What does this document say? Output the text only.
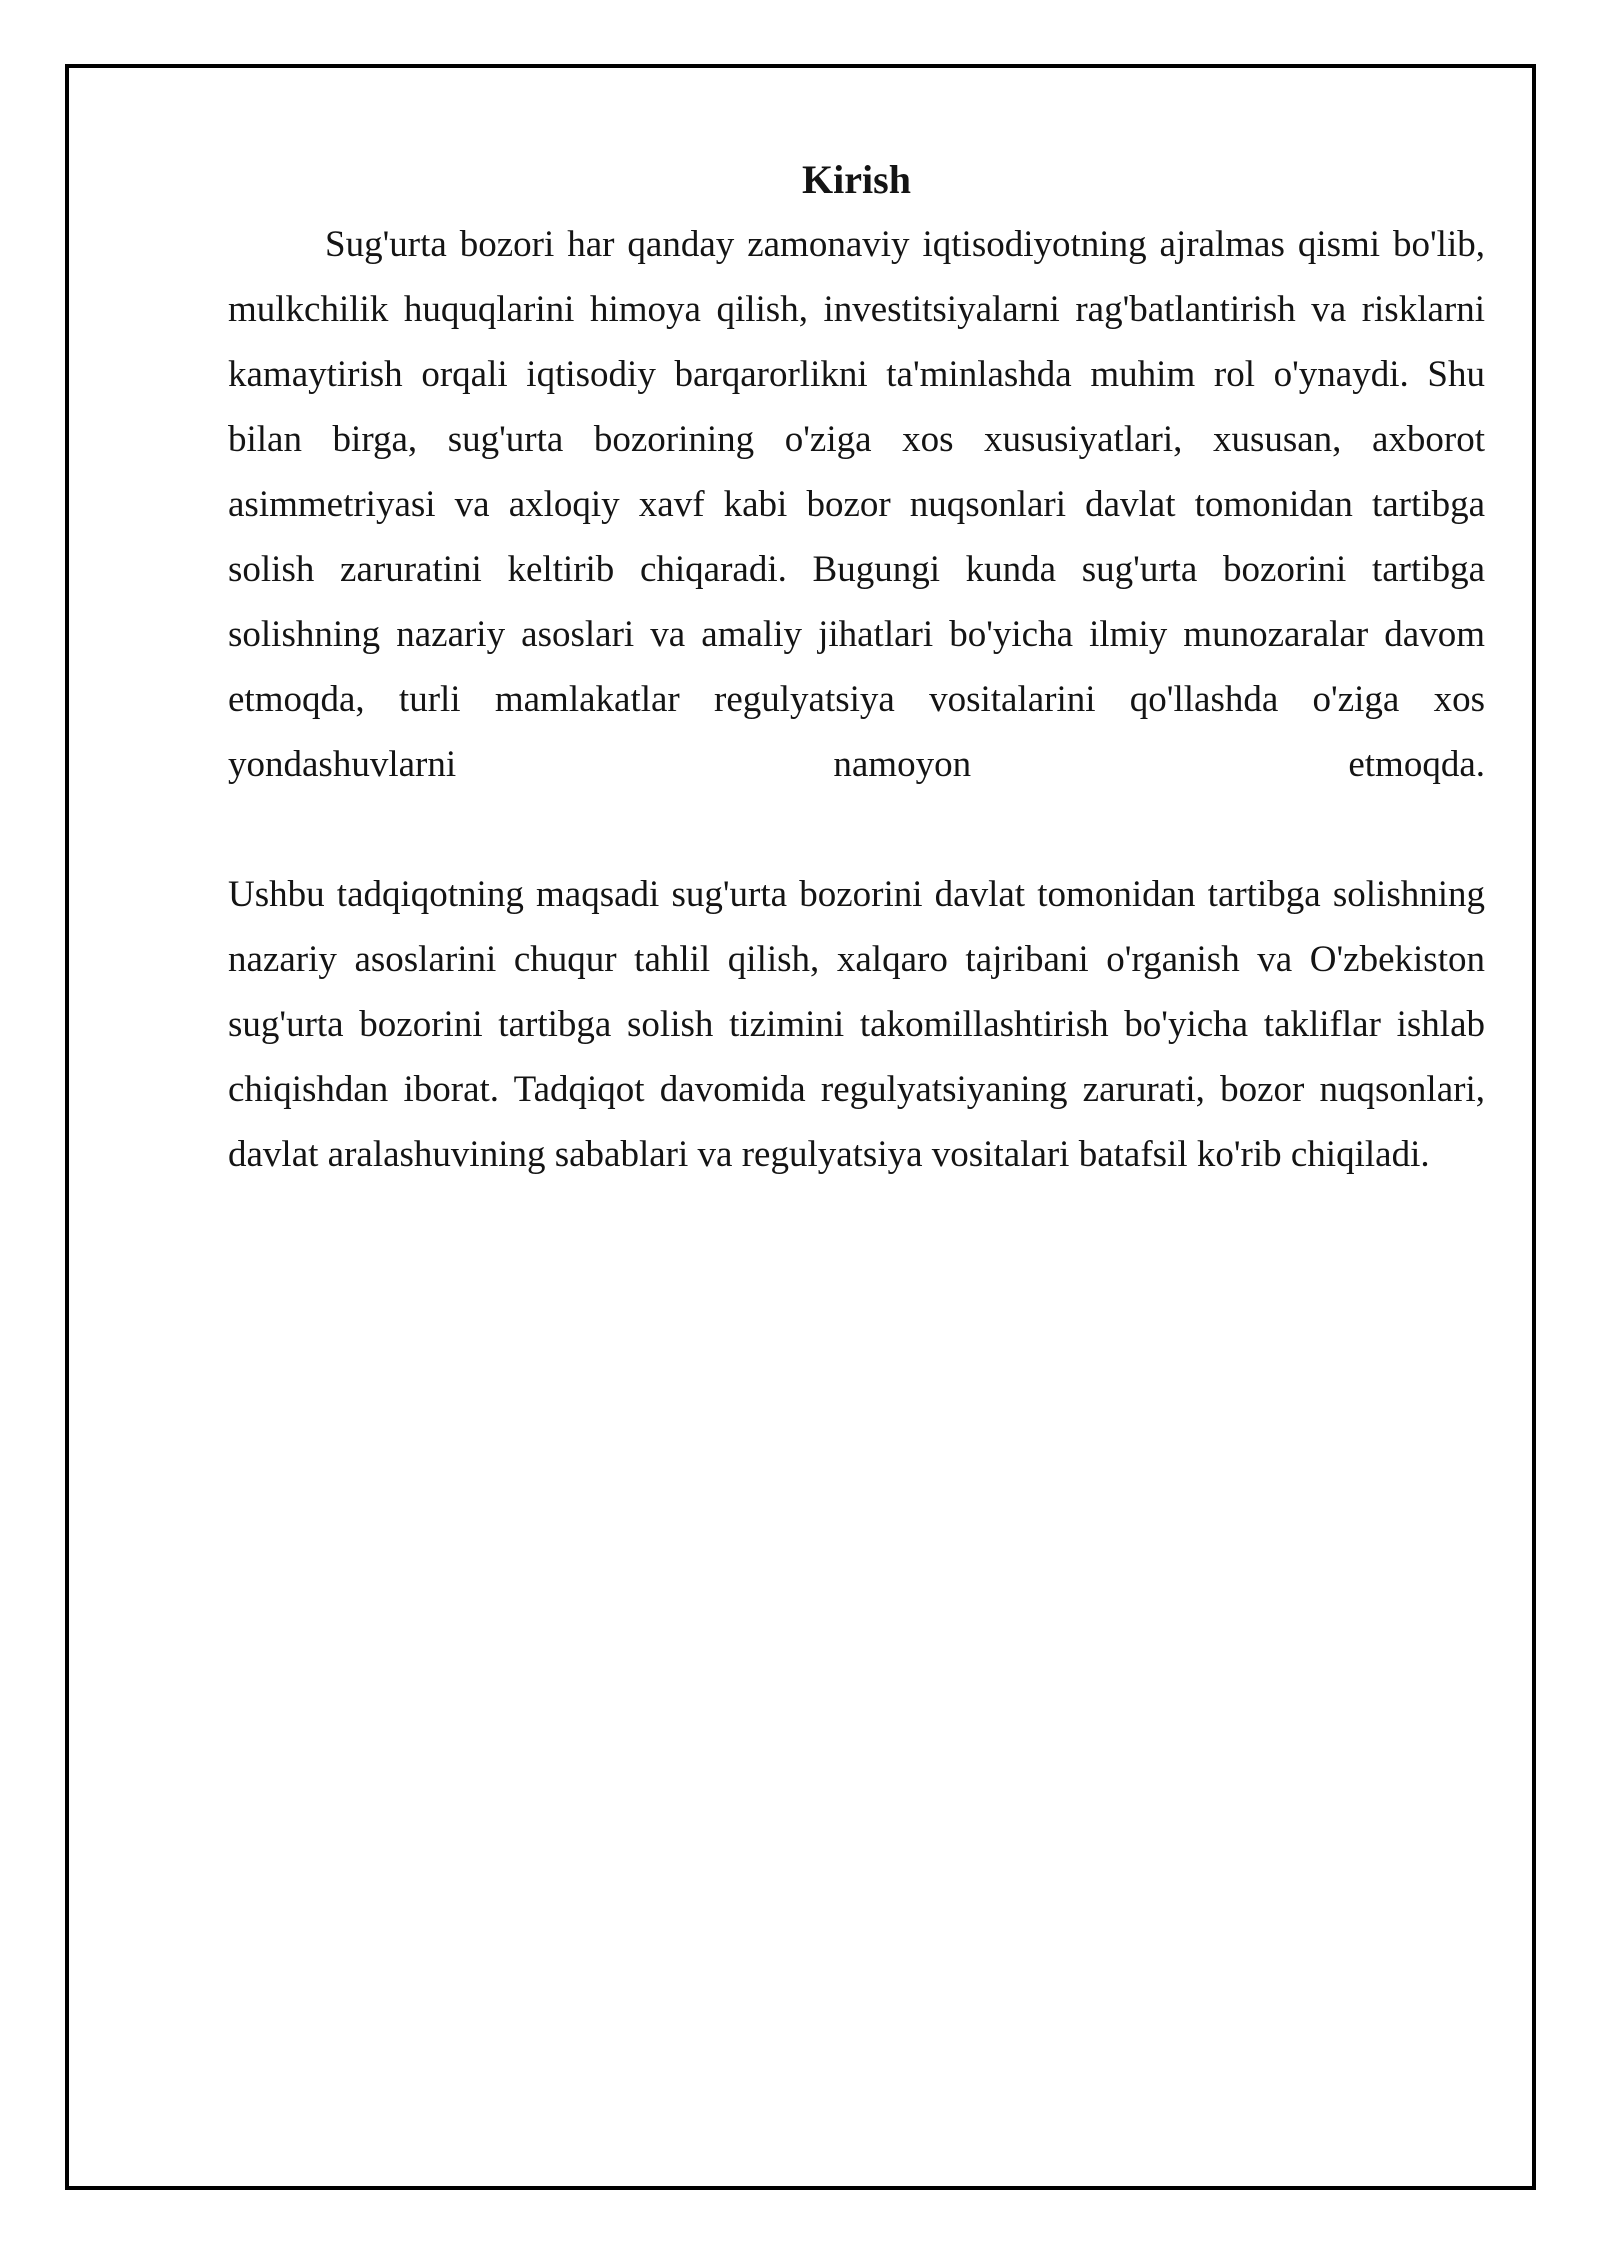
Kirish
Sug'urta bozori har qanday zamonaviy iqtisodiyotning ajralmas qismi bo'lib,
mulkchilik huquqlarini himoya qilish, investitsiyalarni rag'batlantirish va risklarni
kamaytirish orqali iqtisodiy barqarorlikni ta'minlashda muhim rol o'ynaydi. Shu
bilan birga, sug'urta bozorining o'ziga xos xususiyatlari, xususan, axborot
asimmetriyasi va axloqiy xavf kabi bozor nuqsonlari davlat tomonidan tartibga
solish zaruratini keltirib chiqaradi. Bugungi kunda sug'urta bozorini tartibga
solishning nazariy asoslari va amaliy jihatlari bo'yicha ilmiy munozaralar davom
etmoqda, turli mamlakatlar regulyatsiya vositalarini qo'llashda o'ziga xos
yondashuvlarni namoyon etmoqda.
Ushbu tadqiqotning maqsadi sug'urta bozorini davlat tomonidan tartibga solishning
nazariy asoslarini chuqur tahlil qilish, xalqaro tajribani o'rganish va O'zbekiston
sug'urta bozorini tartibga solish tizimini takomillashtirish bo'yicha takliflar ishlab
chiqishdan iborat. Tadqiqot davomida regulyatsiyaning zarurati, bozor nuqsonlari,
davlat aralashuvining sabablari va regulyatsiya vositalari batafsil ko'rib chiqiladi.
